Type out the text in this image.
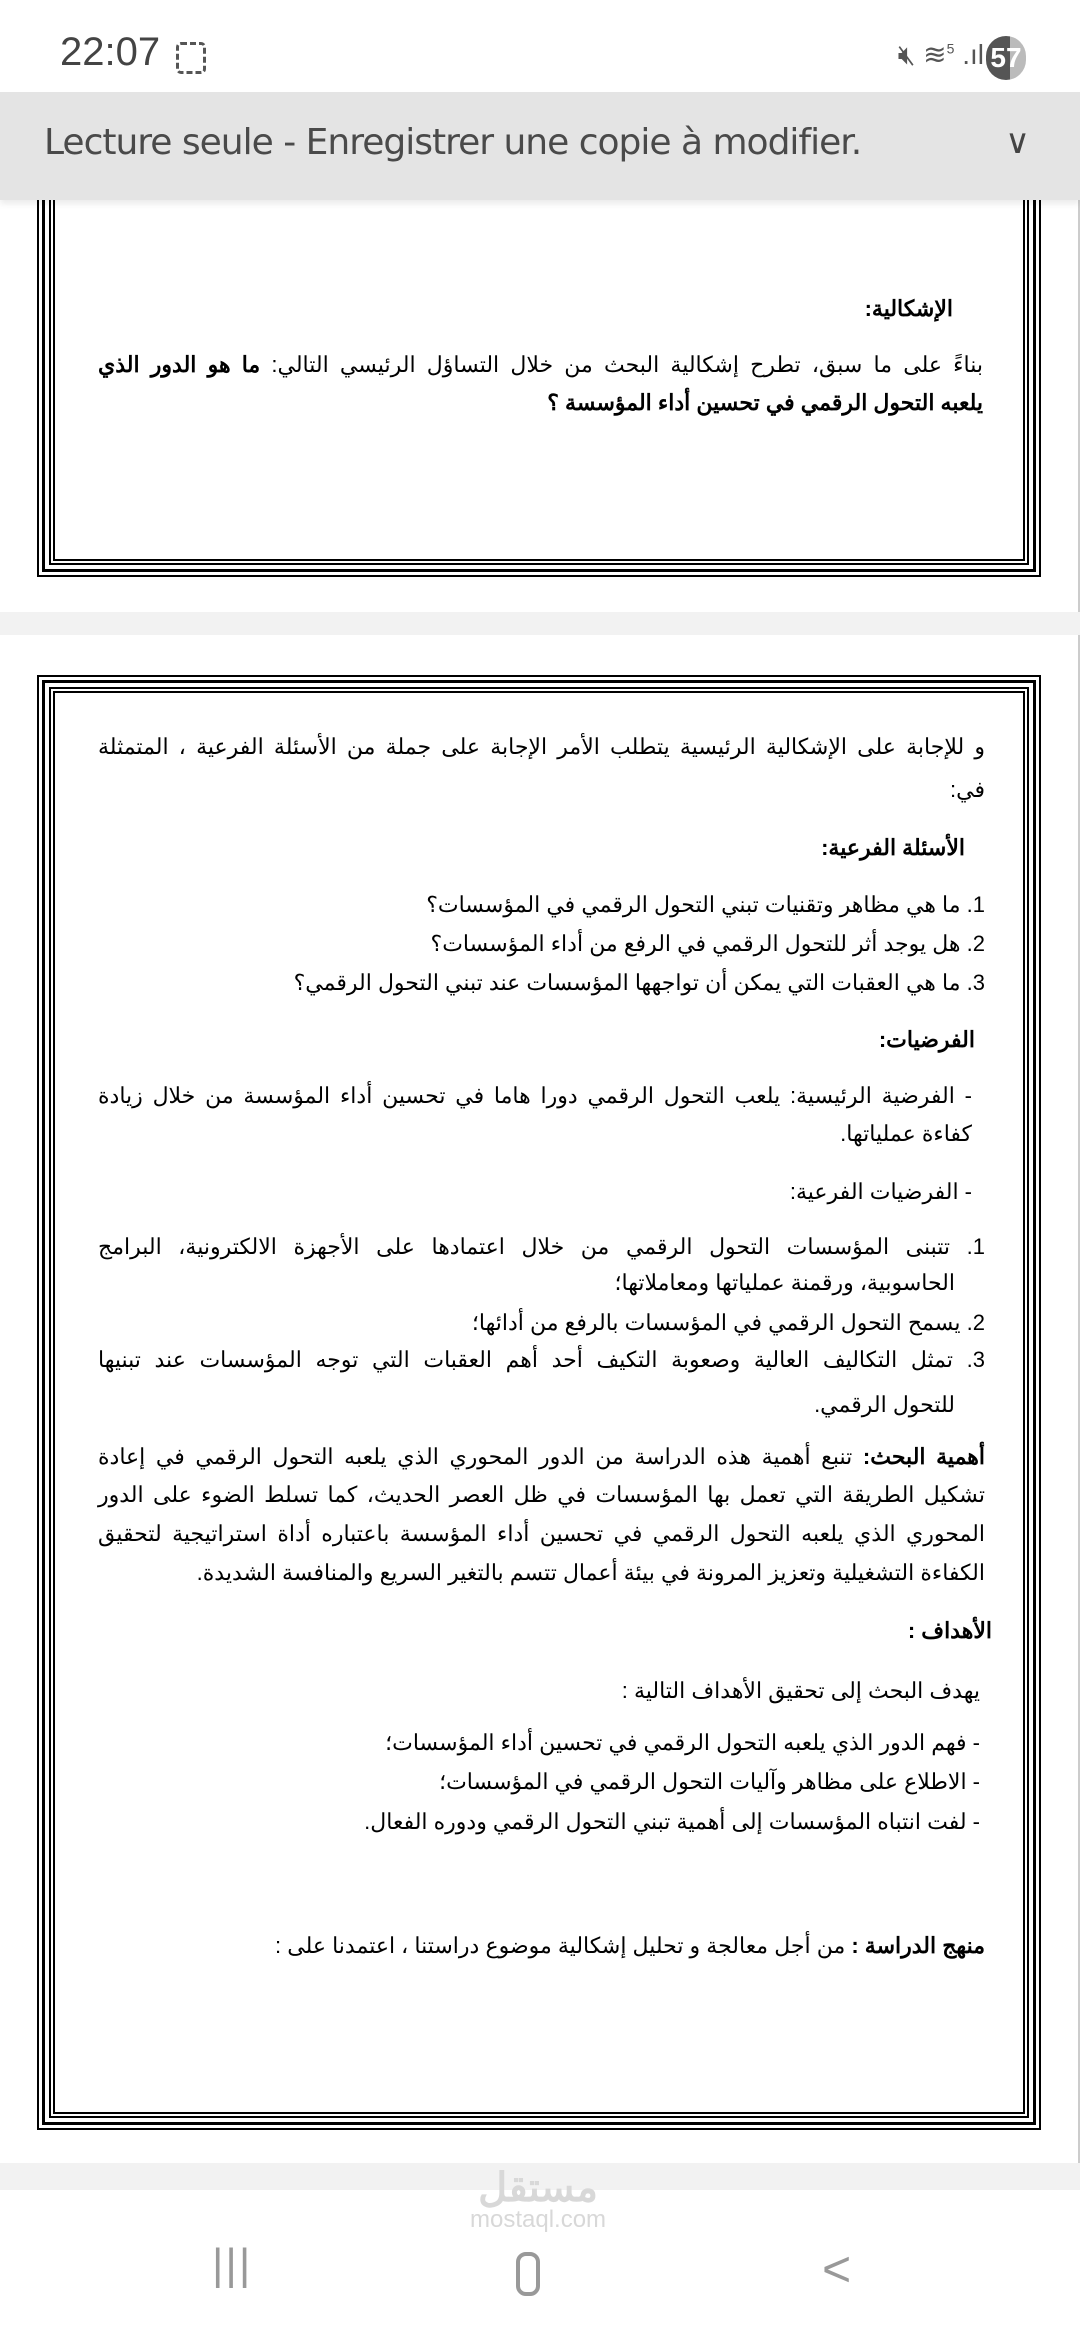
22:07	🔇︎ ≋$^5$ .ıl 57
Lecture seule - Enregistrer une copie à modifier.	∨
الإشكالية:
بناءً على ما سبق، تطرح إشكالية البحث من خلال التساؤل الرئيسي التالي: ما هو الدور الذي
يلعبه التحول الرقمي في تحسين أداء المؤسسة ؟
و للإجابة على الإشكالية الرئيسية يتطلب الأمر الإجابة على جملة من الأسئلة الفرعية ، المتمثلة
في:
الأسئلة الفرعية:
1. ما هي مظاهر وتقنيات تبني التحول الرقمي في المؤسسات؟
2. هل يوجد أثر للتحول الرقمي في الرفع من أداء المؤسسات؟
3. ما هي العقبات التي يمكن أن تواجهها المؤسسات عند تبني التحول الرقمي؟
الفرضيات:
- الفرضية الرئيسية: يلعب التحول الرقمي دورا هاما في تحسين أداء المؤسسة من خلال زيادة
كفاءة عملياتها.
- الفرضيات الفرعية:
1. تتبنى المؤسسات التحول الرقمي من خلال اعتمادها على الأجهزة الالكترونية، البرامج
الحاسوبية، ورقمنة عملياتها ومعاملاتها؛
2. يسمح التحول الرقمي في المؤسسات بالرفع من أدائها؛
3. تمثل التكاليف العالية وصعوبة التكيف أحد أهم العقبات التي توجه المؤسسات عند تبنيها
للتحول الرقمي.
أهمية البحث: تنبع أهمية هذه الدراسة من الدور المحوري الذي يلعبه التحول الرقمي في إعادة
تشكيل الطريقة التي تعمل بها المؤسسات في ظل العصر الحديث، كما تسلط الضوء على الدور
المحوري الذي يلعبه التحول الرقمي في تحسين أداء المؤسسة باعتباره أداة استراتيجية لتحقيق
الكفاءة التشغيلية وتعزيز المرونة في بيئة أعمال تتسم بالتغير السريع والمنافسة الشديدة.
الأهداف :
يهدف البحث إلى تحقيق الأهداف التالية :
- فهم الدور الذي يلعبه التحول الرقمي في تحسين أداء المؤسسات؛
- الاطلاع على مظاهر وآليات التحول الرقمي في المؤسسات؛
- لفت انتباه المؤسسات إلى أهمية تبني التحول الرقمي ودوره الفعال.
منهج الدراسة : من أجل معالجة و تحليل إشكالية موضوع دراستنا ، اعتمدنا على :
|||	<
مستقل
mostaql.com
